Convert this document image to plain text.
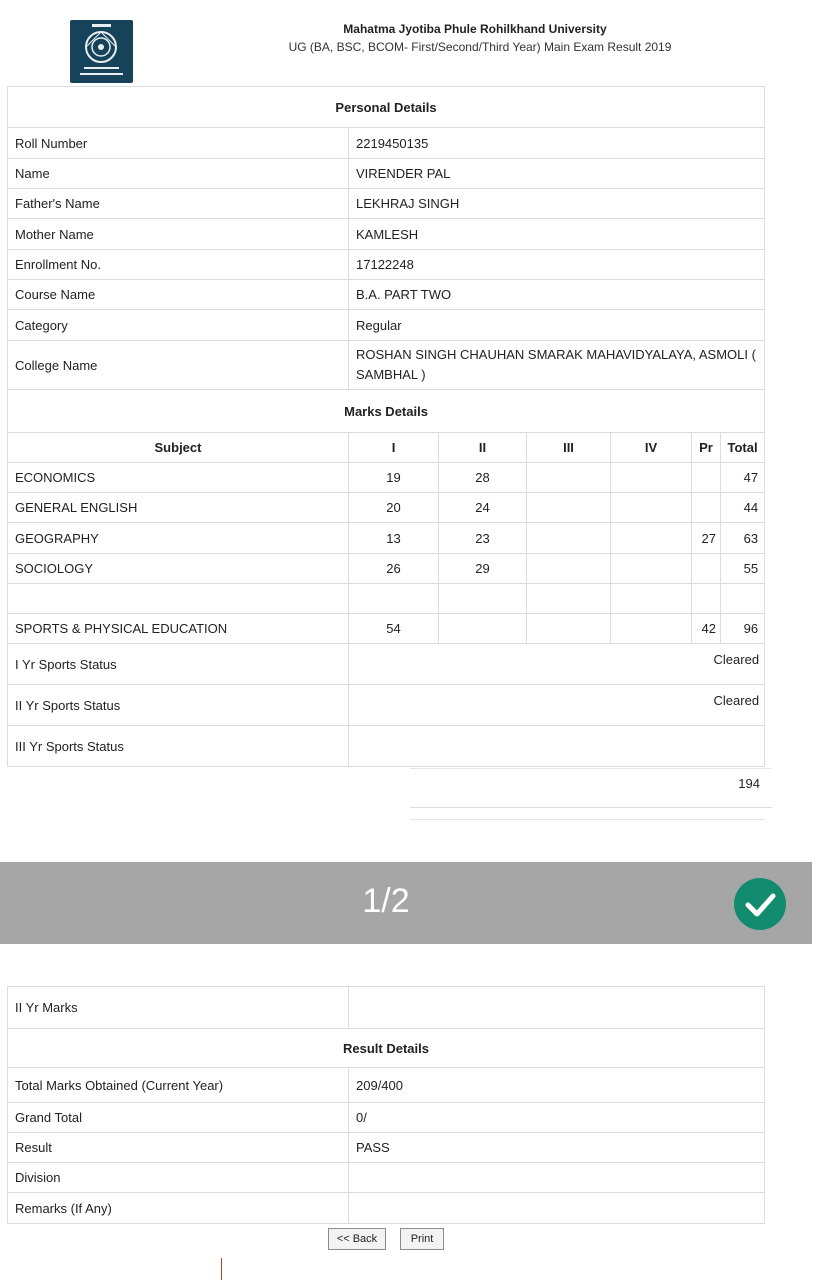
Mahatma Jyotiba Phule Rohilkhand University
UG (BA, BSC, BCOM- First/Second/Third Year) Main Exam Result 2019
Personal Details	
Roll Number	2219450135
Name	VIRENDER PAL
Father's Name	LEKHRAJ SINGH
Mother Name	KAMLESH
Enrollment No.	17122248
Course Name	B.A. PART TWO
Category	Regular
College Name	ROSHAN SINGH CHAUHAN SMARAK MAHAVIDYALAYA, ASMOLI ( SAMBHAL )
Marks Details						
Subject	I	II	III	IV	Pr	Total
ECONOMICS	19	28				47
GENERAL ENGLISH	20	24				44
GEOGRAPHY	13	23			27	63
SOCIOLOGY	26	29				55

SPORTS & PHYSICAL EDUCATION	54				42	96
I Yr Sports Status	Cleared					
II Yr Sports Status	Cleared					
III Yr Sports Status						
194
1/2
II Yr Marks	
Result Details	
Total Marks Obtained (Current Year)	209/400
Grand Total	0/
Result	PASS
Division	
Remarks (If Any)	
<< Back	Print
